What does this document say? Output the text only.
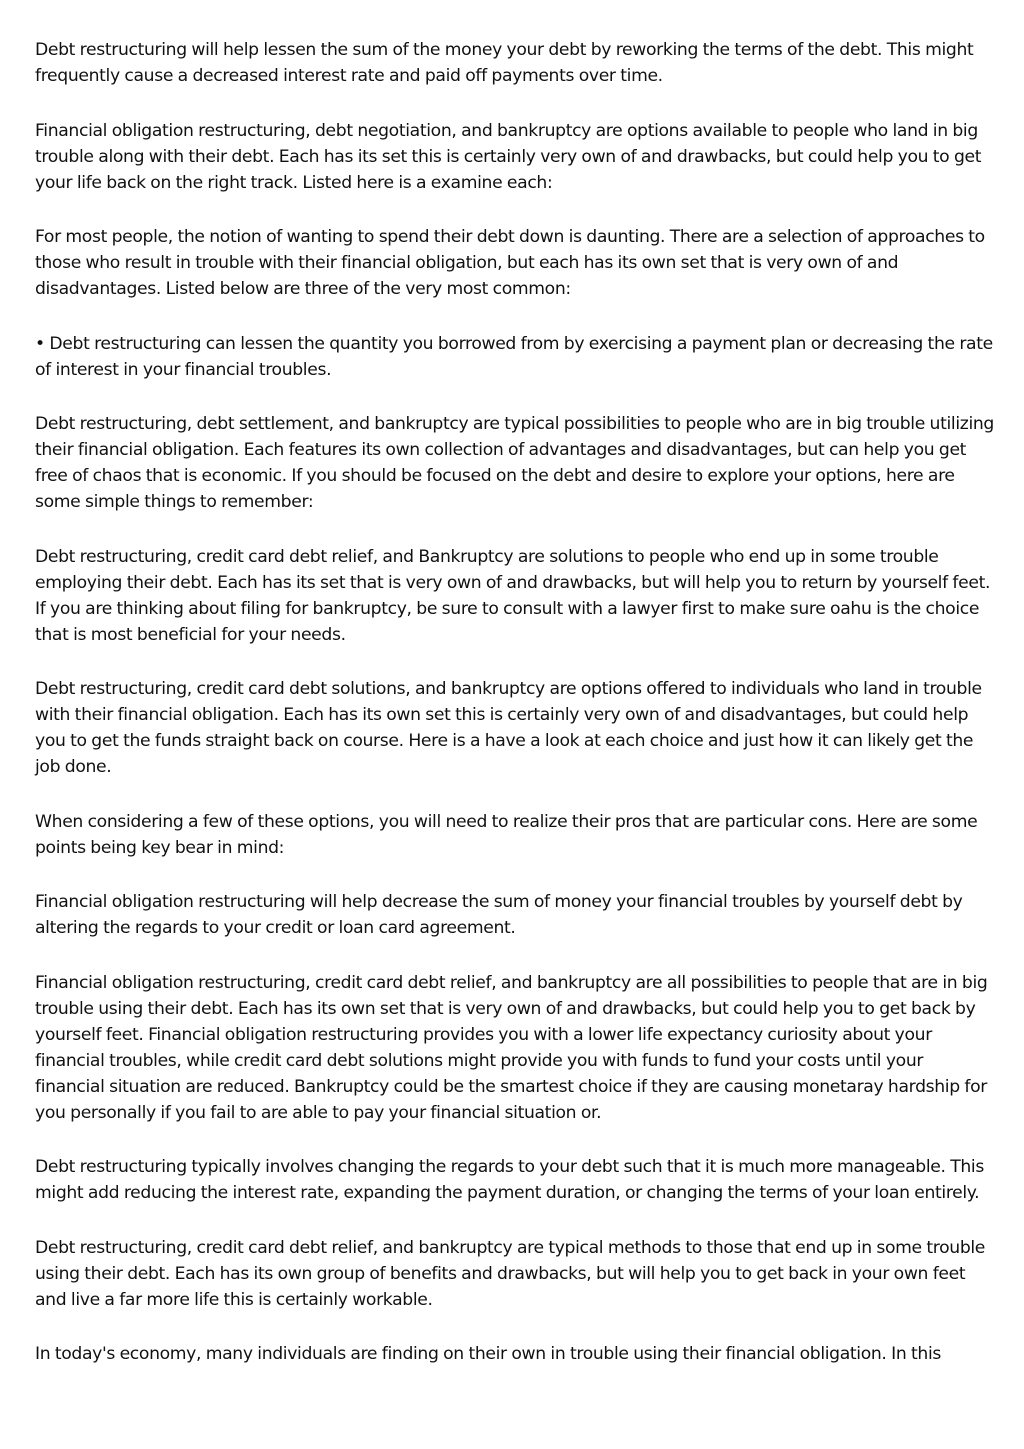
Debt restructuring will help lessen the sum of the money your debt by reworking the terms of the debt. This might frequently cause a decreased interest rate and paid off payments over time.

Financial obligation restructuring, debt negotiation, and bankruptcy are options available to people who land in big trouble along with their debt. Each has its set this is certainly very own of and drawbacks, but could help you to get your life back on the right track. Listed here is a examine each:

For most people, the notion of wanting to spend their debt down is daunting. There are a selection of approaches to those who result in trouble with their financial obligation, but each has its own set that is very own of and disadvantages. Listed below are three of the very most common:

• Debt restructuring can lessen the quantity you borrowed from by exercising a payment plan or decreasing the rate of interest in your financial troubles.

Debt restructuring, debt settlement, and bankruptcy are typical possibilities to people who are in big trouble utilizing their financial obligation. Each features its own collection of advantages and disadvantages, but can help you get free of chaos that is economic. If you should be focused on the debt and desire to explore your options, here are some simple things to remember:

Debt restructuring, credit card debt relief, and Bankruptcy are solutions to people who end up in some trouble employing their debt. Each has its set that is very own of and drawbacks, but will help you to return by yourself feet. If you are thinking about filing for bankruptcy, be sure to consult with a lawyer first to make sure oahu is the choice that is most beneficial for your needs.

Debt restructuring, credit card debt solutions, and bankruptcy are options offered to individuals who land in trouble with their financial obligation. Each has its own set this is certainly very own of and disadvantages, but could help you to get the funds straight back on course. Here is a have a look at each choice and just how it can likely get the job done.

When considering a few of these options, you will need to realize their pros that are particular cons. Here are some points being key bear in mind:

Financial obligation restructuring will help decrease the sum of money your financial troubles by yourself debt by altering the regards to your credit or loan card agreement.

Financial obligation restructuring, credit card debt relief, and bankruptcy are all possibilities to people that are in big trouble using their debt. Each has its own set that is very own of and drawbacks, but could help you to get back by yourself feet. Financial obligation restructuring provides you with a lower life expectancy curiosity about your financial troubles, while credit card debt solutions might provide you with funds to fund your costs until your financial situation are reduced. Bankruptcy could be the smartest choice if they are causing monetaray hardship for you personally if you fail to are able to pay your financial situation or.

Debt restructuring typically involves changing the regards to your debt such that it is much more manageable. This might add reducing the interest rate, expanding the payment duration, or changing the terms of your loan entirely.

Debt restructuring, credit card debt relief, and bankruptcy are typical methods to those that end up in some trouble using their debt. Each has its own group of benefits and drawbacks, but will help you to get back in your own feet and live a far more life this is certainly workable.

In today's economy, many individuals are finding on their own in trouble using their financial obligation. In this
